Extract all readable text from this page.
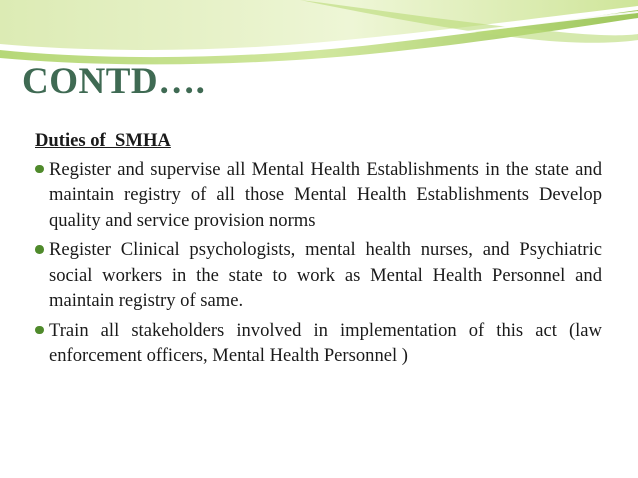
CONTD….

Duties of  SMHA

Register and supervise all Mental Health Establishments in the state and maintain registry of all those Mental Health Establishments Develop quality and service provision norms
Register Clinical psychologists, mental health nurses, and Psychiatric social workers in the state to work as Mental Health Personnel and maintain registry of same.
Train all stakeholders involved in implementation of this act (law enforcement officers, Mental Health Personnel )
